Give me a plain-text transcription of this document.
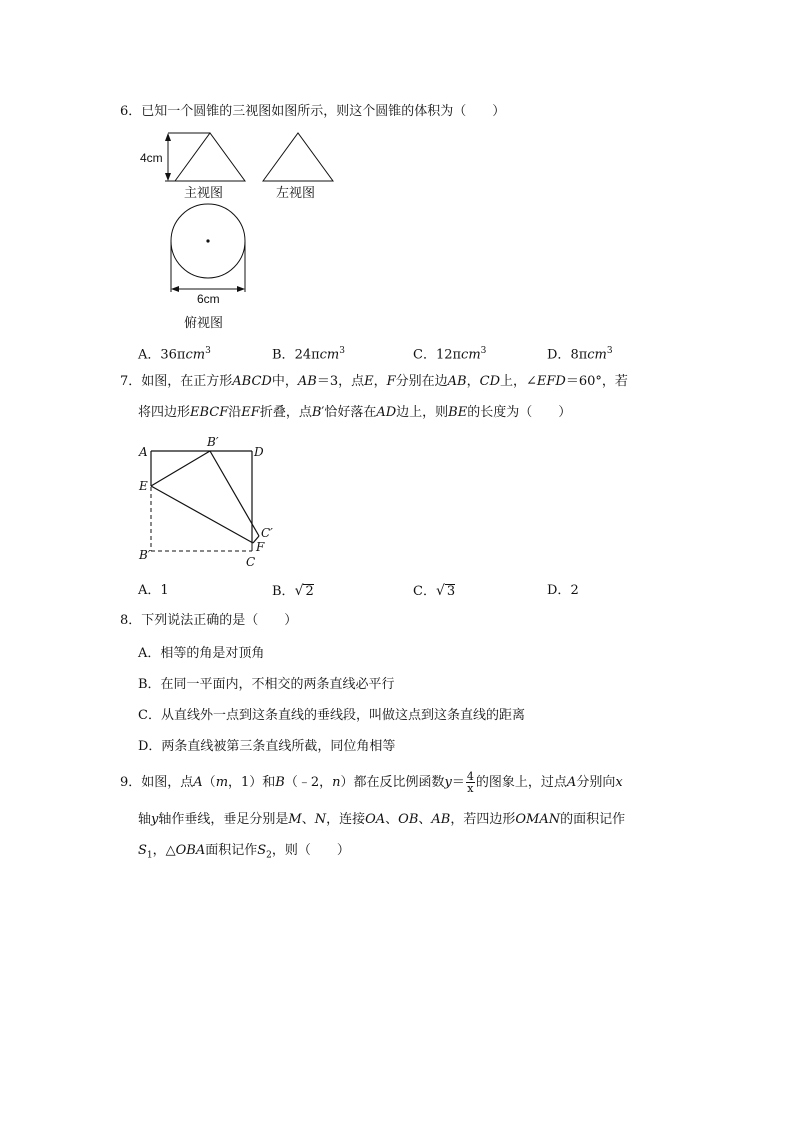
6．已知一个圆锥的三视图如图所示，则这个圆锥的体积为（　　）
4cm
主视图	左视图
6cm
俯视图
A．36πcm$^3$	B．24πcm$^3$	C．12πcm$^3$	D．8πcm$^3$
7．如图，在正方形ABCD中，AB＝3，点E，F分别在边AB，CD上，∠EFD＝60°，若
将四边形EBCF沿EF折叠，点B′恰好落在AD边上，则BE的长度为（　　）
A
B′
D
E
C′
F
B′	C
A．1	B．√ 2	C．√ 3	D．2
8．下列说法正确的是（　　）
A．相等的角是对顶角
B．在同一平面内，不相交的两条直线必平行
C．从直线外一点到这条直线的垂线段，叫做这点到这条直线的距离
D．两条直线被第三条直线所截，同位角相等
9．如图，点A（m，1）和B（﹣2，n）都在反比例函数$y= \frac{4}{x}$ 的图象上，过点A分别向x
轴y轴作垂线，垂足分别是M、N，连接OA、OB、AB，若四边形OMAN的面积记作
$S_1$，△OBA面积记作$S_2$，则（　　）
